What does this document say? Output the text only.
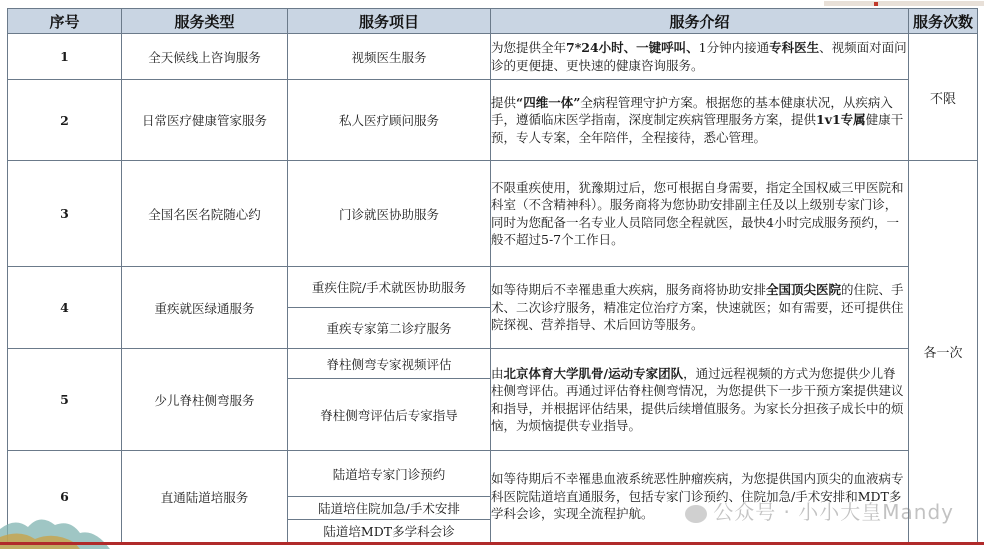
序号	服务类型	服务项目	服务介绍	服务次数
1	全天候线上咨询服务	视频医生服务	为您提供全年7*24小时、一键呼叫、1分钟内接通专科医生、视频面对面问诊的更便捷、更快速的健康咨询服务。	不限
2	日常医疗健康管家服务	私人医疗顾问服务	提供“四维一体”全病程管理守护方案。根据您的基本健康状况，从疾病入手，遵循临床医学指南，深度制定疾病管理服务方案，提供1v1专属健康干预，专人专案，全年陪伴，全程接待，悉心管理。	
3	全国名医名院随心约	门诊就医协助服务	不限重疾使用，犹豫期过后，您可根据自身需要，指定全国权威三甲医院和科室（不含精神科）。服务商将为您协助安排副主任及以上级别专家门诊，同时为您配备一名专业人员陪同您全程就医，最快4小时完成服务预约，一般不超过5-7个工作日。	各一次
4	重疾就医绿通服务	重疾住院/手术就医协助服务	如等待期后不幸罹患重大疾病，服务商将协助安排全国顶尖医院的住院、手术、二次诊疗服务，精准定位治疗方案，快速就医；如有需要，还可提供住院探视、营养指导、术后回访等服务。	
		重疾专家第二诊疗服务		
5	少儿脊柱侧弯服务	脊柱侧弯专家视频评估	由北京体育大学肌骨/运动专家团队，通过远程视频的方式为您提供少儿脊柱侧弯评估。再通过评估脊柱侧弯情况，为您提供下一步干预方案提供建议和指导，并根据评估结果，提供后续增值服务。为家长分担孩子成长中的烦恼，为烦恼提供专业指导。	
		脊柱侧弯评估后专家指导		
6	直通陆道培服务	陆道培专家门诊预约	如等待期后不幸罹患血液系统恶性肿瘤疾病，为您提供国内顶尖的血液病专科医院陆道培直通服务，包括专家门诊预约、住院加急/手术安排和MDT多学科会诊，实现全流程护航。	
		陆道培住院加急/手术安排		
		陆道培MDT多学科会诊		
公众号 · 小小大皇Mandy
